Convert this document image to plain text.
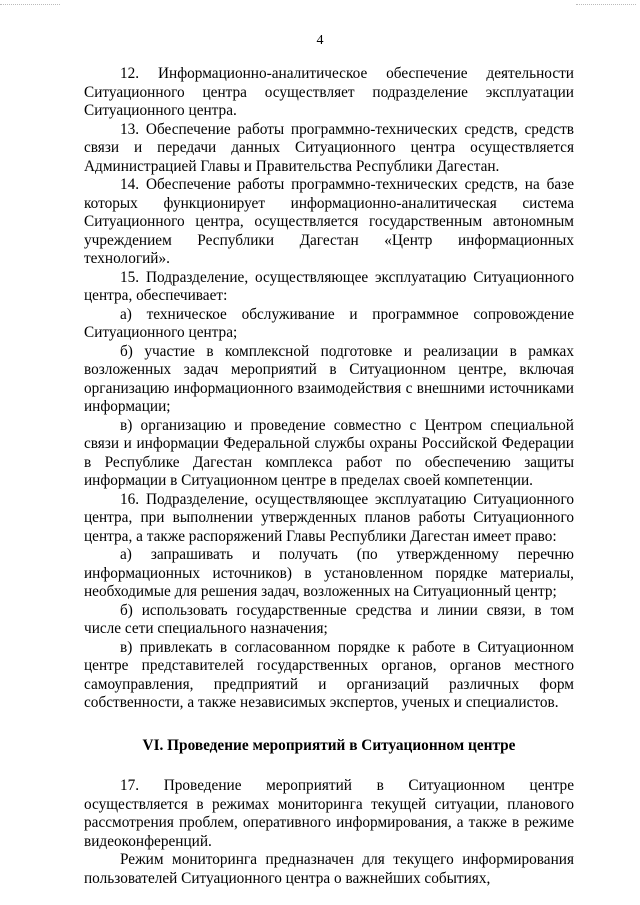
4

12. Информационно-аналитическое обеспечение деятельности Ситуационного центра осуществляет подразделение эксплуатации Ситуационного центра.

13. Обеспечение работы программно-технических средств, средств связи и передачи данных Ситуационного центра осуществляется Администрацией Главы и Правительства Республики Дагестан.

14. Обеспечение работы программно-технических средств, на базе которых функционирует информационно-аналитическая система Ситуационного центра, осуществляется государственным автономным учреждением Республики Дагестан «Центр информационных технологий».

15. Подразделение, осуществляющее эксплуатацию Ситуационного центра, обеспечивает:

а) техническое обслуживание и программное сопровождение Ситуационного центра;

б) участие в комплексной подготовке и реализации в рамках возложенных задач мероприятий в Ситуационном центре, включая организацию информационного взаимодействия с внешними источниками информации;

в) организацию и проведение совместно с Центром специальной связи и информации Федеральной службы охраны Российской Федерации в Республике Дагестан комплекса работ по обеспечению защиты информации в Ситуационном центре в пределах своей компетенции.

16. Подразделение, осуществляющее эксплуатацию Ситуационного центра, при выполнении утвержденных планов работы Ситуационного центра, а также распоряжений Главы Республики Дагестан имеет право:

а) запрашивать и получать (по утвержденному перечню информационных источников) в установленном порядке материалы, необходимые для решения задач, возложенных на Ситуационный центр;

б) использовать государственные средства и линии связи, в том числе сети специального назначения;

в) привлекать в согласованном порядке к работе в Ситуационном центре представителей государственных органов, органов местного самоуправления, предприятий и организаций различных форм собственности, а также независимых экспертов, ученых и специалистов.

VI. Проведение мероприятий в Ситуационном центре

17. Проведение мероприятий в Ситуационном центре осуществляется в режимах мониторинга текущей ситуации, планового рассмотрения проблем, оперативного информирования, а также в режиме видеоконференций.

Режим мониторинга предназначен для текущего информирования пользователей Ситуационного центра о важнейших событиях,
